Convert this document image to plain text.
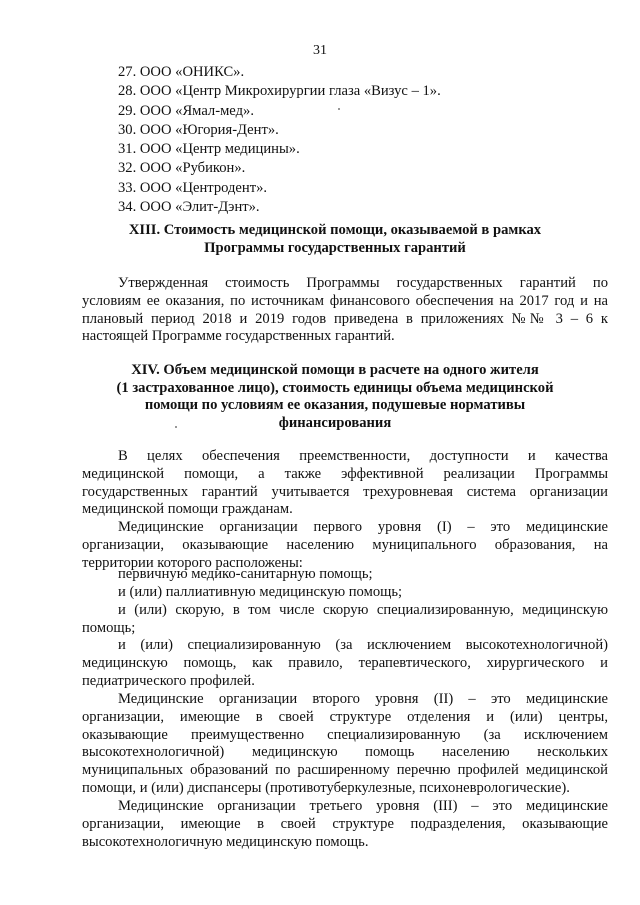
31
27. ООО «ОНИКС».
28. ООО «Центр Микрохирургии глаза «Визус – 1».
29. ООО «Ямал-мед».
30. ООО «Югория-Дент».
31. ООО «Центр медицины».
32. ООО «Рубикон».
33. ООО «Центродент».
34. ООО «Элит-Дэнт».
XIII. Стоимость медицинской помощи, оказываемой в рамках
Программы государственных гарантий
Утвержденная стоимость Программы государственных гарантий по
условиям ее оказания, по источникам финансового обеспечения на 2017 год и на
плановый период 2018 и 2019 годов приведена в приложениях №№ 3 – 6 к
настоящей Программе государственных гарантий.
XIV. Объем медицинской помощи в расчете на одного жителя
(1 застрахованное лицо), стоимость единицы объема медицинской
помощи по условиям ее оказания, подушевые нормативы
финансирования
В целях обеспечения преемственности, доступности и качества
медицинской помощи, а также эффективной реализации Программы
государственных гарантий учитывается трехуровневая система организации
медицинской помощи гражданам.
Медицинские организации первого уровня (I) – это медицинские
организации, оказывающие населению муниципального образования, на
территории которого расположены:
первичную медико-санитарную помощь;
и (или) паллиативную медицинскую помощь;
и (или) скорую, в том числе скорую специализированную, медицинскую
помощь;
и (или) специализированную (за исключением высокотехнологичной)
медицинскую помощь, как правило, терапевтического, хирургического и
педиатрического профилей.
Медицинские организации второго уровня (II) – это медицинские
организации, имеющие в своей структуре отделения и (или) центры,
оказывающие преимущественно специализированную (за исключением
высокотехнологичной) медицинскую помощь населению нескольких
муниципальных образований по расширенному перечню профилей медицинской
помощи, и (или) диспансеры (противотуберкулезные, психоневрологические).
Медицинские организации третьего уровня (III) – это медицинские
организации, имеющие в своей структуре подразделения, оказывающие
высокотехнологичную медицинскую помощь.
